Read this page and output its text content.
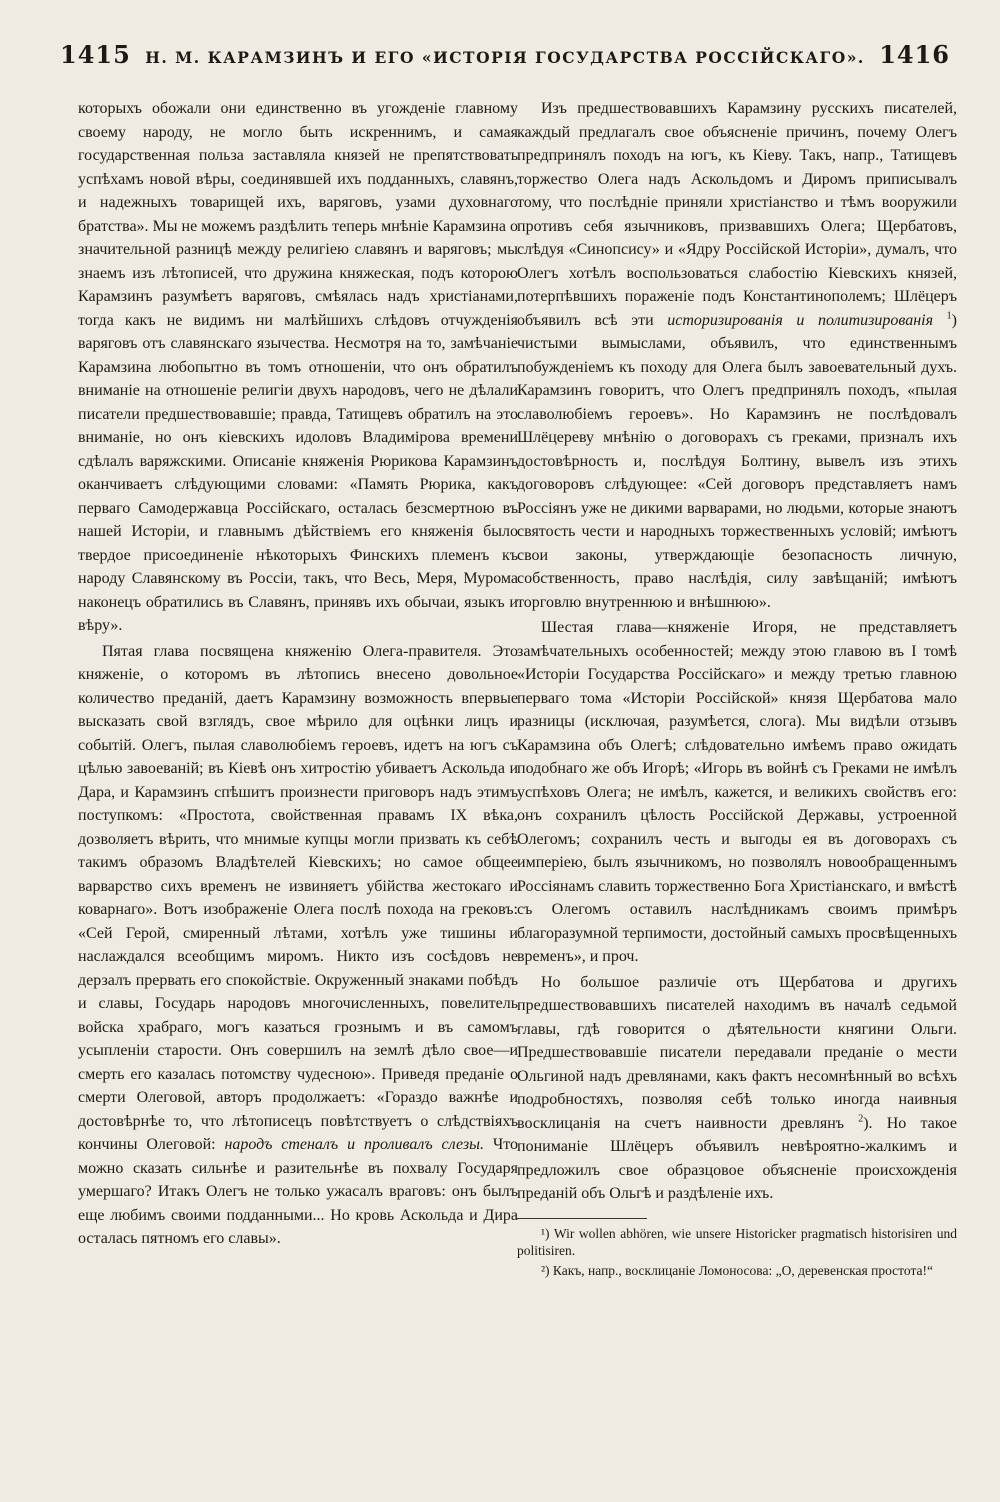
1415 Н. М. КАРАМЗИНЪ И ЕГО «ИСТОРІЯ ГОСУДАРСТВА РОССІЙСКАГО». 1416

которыхъ обожали они единственно въ угожденіе главному своему народу, не могло быть искреннимъ, и самая государственная польза заставляла князей не препятствовать успѣхамъ новой вѣры, соединявшей ихъ подданныхъ, славянъ, и надежныхъ товарищей ихъ, варяговъ, узами духовнаго братства». Мы не можемъ раздѣлить теперь мнѣніе Карамзина о значительной разницѣ между религіею славянъ и варяговъ; мы знаемъ изъ лѣтописей, что дружина княжеская, подъ которою Карамзинъ разумѣетъ варяговъ, смѣялась надъ христіанами, тогда какъ не видимъ ни малѣйшихъ слѣдовъ отчужденія варяговъ отъ славянскаго язычества. Несмотря на то, замѣчаніе Карамзина любопытно въ томъ отношеніи, что онъ обратилъ вниманіе на отношеніе религіи двухъ народовъ, чего не дѣлали писатели предшествовавшіе; правда, Татищевъ обратилъ на это вниманіе, но онъ кіевскихъ идоловъ Владимірова времени сдѣлалъ варяжскими. Описаніе княженія Рюрикова Карамзинъ оканчиваетъ слѣдующими словами: «Память Рюрика, какъ перваго Самодержавца Россійскаго, осталась безсмертною въ нашей Исторіи, и главнымъ дѣйствіемъ его княженія было твердое присоединеніе нѣкоторыхъ Финскихъ племенъ къ народу Славянскому въ Россіи, такъ, что Весь, Меря, Мурома наконецъ обратились въ Славянъ, принявъ ихъ обычаи, языкъ и вѣру».

Пятая глава посвящена княженію Олега-правителя. Это княженіе, о которомъ въ лѣтопись внесено довольное количество преданій, даетъ Карамзину возможность впервые высказать свой взглядъ, свое мѣрило для оцѣнки лицъ и событій. Олегъ, пылая славолюбіемъ героевъ, идетъ на югъ съ цѣлью завоеваній; въ Кіевѣ онъ хитростію убиваетъ Аскольда и Дара, и Карамзинъ спѣшитъ произнести приговоръ надъ этимъ поступкомъ: «Простота, свойственная правамъ IX вѣка, дозволяетъ вѣрить, что мнимые купцы могли призвать къ себѣ такимъ образомъ Владѣтелей Кіевскихъ; но самое общее варварство сихъ временъ не извиняетъ убійства жестокаго и коварнаго». Вотъ изображеніе Олега послѣ похода на грековъ: «Сей Герой, смиренный лѣтами, хотѣлъ уже тишины и наслаждался всеобщимъ миромъ. Никто изъ сосѣдовъ не дерзалъ прервать его спокойствіе. Окруженный знаками побѣдъ и славы, Государь народовъ многочисленныхъ, повелитель войска храбраго, могъ казаться грознымъ и въ самомъ усыпленіи старости. Онъ совершилъ на землѣ дѣло свое—и смерть его казалась потомству чудесною». Приведя преданіе о смерти Олеговой, авторъ продолжаетъ: «Гораздо важнѣе и достовѣрнѣе то, что лѣтописецъ повѣтствуетъ о слѣдствіяхъ кончины Олеговой: народъ стеналъ и проливалъ слезы. Что можно сказать сильнѣе и разительнѣе въ похвалу Государя умершаго? Итакъ Олегъ не только ужасалъ враговъ: онъ былъ еще любимъ своими подданными... Но кровь Аскольда и Дира осталась пятномъ его славы».

Изъ предшествовавшихъ Карамзину русскихъ писателей, каждый предлагалъ свое объясненіе причинъ, почему Олегъ предпринялъ походъ на югъ, къ Кіеву. Такъ, напр., Татищевъ торжество Олега надъ Аскольдомъ и Диромъ приписывалъ тому, что послѣдніе приняли христіанство и тѣмъ вооружили противъ себя язычниковъ, призвавшихъ Олега; Щербатовъ, слѣдуя «Синопсису» и «Ядру Россійской Исторіи», думалъ, что Олегъ хотѣлъ воспользоваться слабостію Кіевскихъ князей, потерпѣвшихъ пораженіе подъ Константинополемъ; Шлёцеръ объявилъ всѣ эти историзированія и политизированія $^1$) чистыми вымыслами, объявилъ, что единственнымъ побужденіемъ къ походу для Олега былъ завоевательный духъ. Карамзинъ говоритъ, что Олегъ предпринялъ походъ, «пылая славолюбіемъ героевъ». Но Карамзинъ не послѣдовалъ Шлёцереву мнѣнію о договорахъ съ греками, призналъ ихъ достовѣрность и, послѣдуя Болтину, вывелъ изъ этихъ договоровъ слѣдующее: «Сей договоръ представляетъ намъ Россіянъ уже не дикими варварами, но людьми, которые знаютъ святость чести и народныхъ торжественныхъ условій; имѣютъ свои законы, утверждающіе безопасность личную, собственность, право наслѣдія, силу завѣщаній; имѣютъ торговлю внутреннюю и внѣшнюю».

Шестая глава—княженіе Игоря, не представляетъ замѣчательныхъ особенностей; между этою главою въ I томѣ «Исторіи Государства Россійскаго» и между третью главною перваго тома «Исторіи Россійской» князя Щербатова мало разницы (исключая, разумѣется, слога). Мы видѣли отзывъ Карамзина объ Олегѣ; слѣдовательно имѣемъ право ожидать подобнаго же объ Игорѣ; «Игорь въ войнѣ съ Греками не имѣлъ успѣховъ Олега; не имѣлъ, кажется, и великихъ свойствъ его: онъ сохранилъ цѣлость Россійской Державы, устроенной Олегомъ; сохранилъ честь и выгоды ея въ договорахъ съ имперіею, былъ язычникомъ, но позволялъ новообращеннымъ Россіянамъ славить торжественно Бога Христіанскаго, и вмѣстѣ съ Олегомъ оставилъ наслѣдникамъ своимъ примѣръ благоразумной терпимости, достойный самыхъ просвѣщенныхъ временъ», и проч.

Но большое различіе отъ Щербатова и другихъ предшествовавшихъ писателей находимъ въ началѣ седьмой главы, гдѣ говорится о дѣятельности княгини Ольги. Предшествовавшіе писатели передавали преданіе о мести Ольгиной надъ древлянами, какъ фактъ несомнѣнный во всѣхъ подробностяхъ, позволяя себѣ только иногда наивныя восклицанія на счетъ наивности древлянъ $^2$). Но такое пониманіе Шлёцеръ объявилъ невѣроятно-жалкимъ и предложилъ свое образцовое объясненіе происхожденія преданій объ Ольгѣ и раздѣленіе ихъ.

¹) Wir wollen abhören, wie unsere Historicker pragmatisch historisiren und politisiren.

²) Какъ, напр., восклицаніе Ломоносова: „О, деревенская простота!“
